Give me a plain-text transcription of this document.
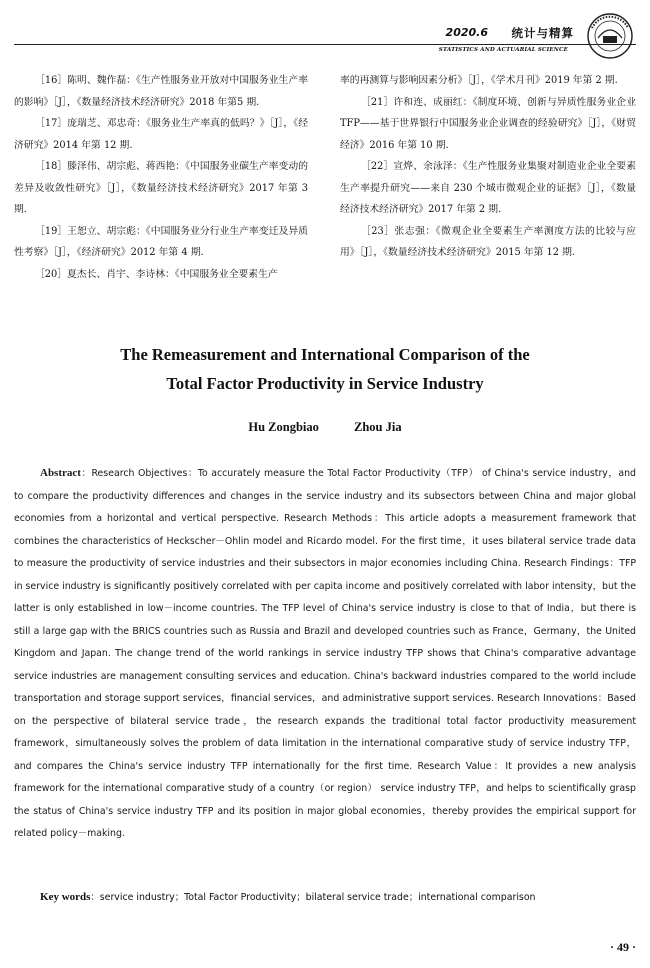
2020.6 统计与精算
STATISTICS AND ACTUARIAL SCIENCE

［16］陈明、魏作磊：《生产性服务业开放对中国服务业生产率的影响》［J］，《数量经济技术经济研究》2018 年第5 期.

［17］庞瑞芝、邓忠奇：《服务业生产率真的低吗？》［J］，《经济研究》2014 年第 12 期.

［18］滕泽伟、胡宗彪、蒋西艳：《中国服务业碳生产率变动的差异及收敛性研究》［J］，《数量经济技术经济研究》2017 年第 3 期.

［19］王恕立、胡宗彪：《中国服务业分行业生产率变迁及异质性考察》［J］，《经济研究》2012 年第 4 期.

［20］夏杰长、肖宇、李诗林：《中国服务业全要素生产

率的再测算与影响因素分析》［J］，《学术月刊》2019 年第 2 期.

［21］许和连、成丽红：《制度环境、创新与异质性服务业企业 TFP——基于世界银行中国服务业企业调查的经验研究》［J］，《财贸经济》2016 年第 10 期.

［22］宣烨、余泳泽：《生产性服务业集聚对制造业企业全要素生产率提升研究——来自 230 个城市微观企业的证据》［J］，《数量经济技术经济研究》2017 年第 2 期.

［23］张志强：《微观企业全要素生产率测度方法的比较与应用》［J］，《数量经济技术经济研究》2015 年第 12 期.

The Remeasurement and International Comparison of the
Total Factor Productivity in Service Industry
Hu Zongbiao	Zhou Jia

Abstract：Research Objectives：To accurately measure the Total Factor Productivity（TFP） of China's service industry，and to compare the productivity differences and changes in the service industry and its subsectors between China and major global economies from a horizontal and vertical perspective. Research Methods：This article adopts a measurement framework that combines the characteristics of Heckscher－Ohlin model and Ricardo model. For the first time，it uses bilateral service trade data to measure the productivity of service industries and their subsectors in major economies including China. Research Findings：TFP in service industry is significantly positively correlated with per capita income and positively correlated with labor intensity，but the latter is only established in low－income countries. The TFP level of China's service industry is close to that of India，but there is still a large gap with the BRICS countries such as Russia and Brazil and developed countries such as France，Germany，the United Kingdom and Japan. The change trend of the world rankings in service industry TFP shows that China's comparative advantage service industries are management consulting services and education. China's backward industries compared to the world include transportation and storage support services，financial services，and administrative support services. Research Innovations：Based on the perspective of bilateral service trade，the research expands the traditional total factor productivity measurement framework，simultaneously solves the problem of data limitation in the international comparative study of service industry TFP，and compares the China's service industry TFP internationally for the first time. Research Value：It provides a new analysis framework for the international comparative study of a country（or region） service industry TFP，and helps to scientifically grasp the status of China's service industry TFP and its position in major global economies，thereby provides the empirical support for related policy－making.

Key words：service industry；Total Factor Productivity；bilateral service trade；international comparison
· 49 ·
